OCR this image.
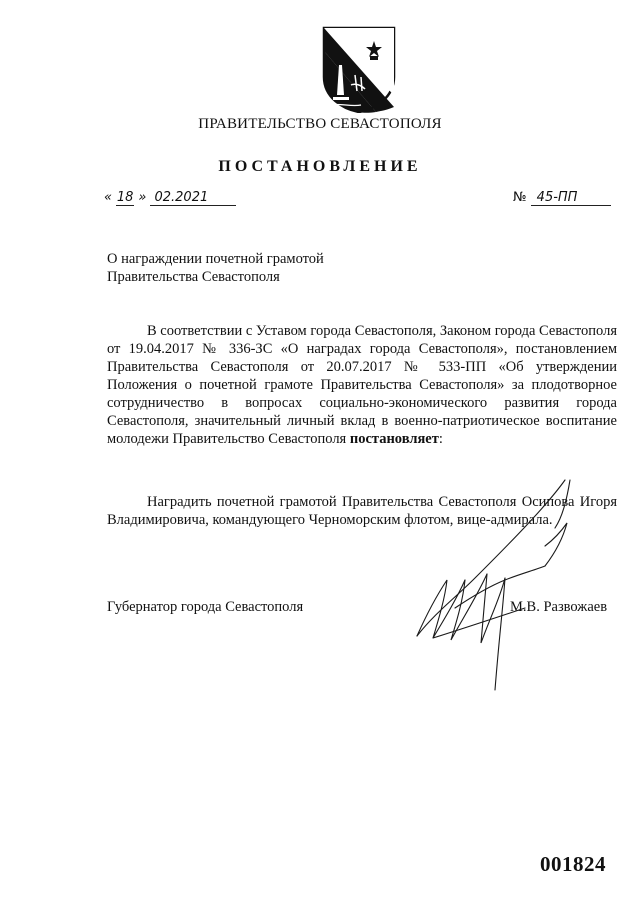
ПРАВИТЕЛЬСТВО СЕВАСТОПОЛЯ
ПОСТАНОВЛЕНИЕ
« 18 » 02.2021	№ 45-ПП
О награждении почетной грамотой
Правительства Севастополя
В соответствии с Уставом города Севастополя, Законом города Севастополя от 19.04.2017 № 336-ЗС «О наградах города Севастополя», постановлением Правительства Севастополя от 20.07.2017 № 533-ПП «Об утверждении Положения о почетной грамоте Правительства Севастополя» за плодотворное сотрудничество в вопросах социально-экономического развития города Севастополя, значительный личный вклад в военно-патриотическое воспитание молодежи Правительство Севастополя постановляет:
Наградить почетной грамотой Правительства Севастополя Осипова Игоря Владимировича, командующего Черноморским флотом, вице-адмирала.
Губернатор города Севастополя	М.В. Развожаев
001824
